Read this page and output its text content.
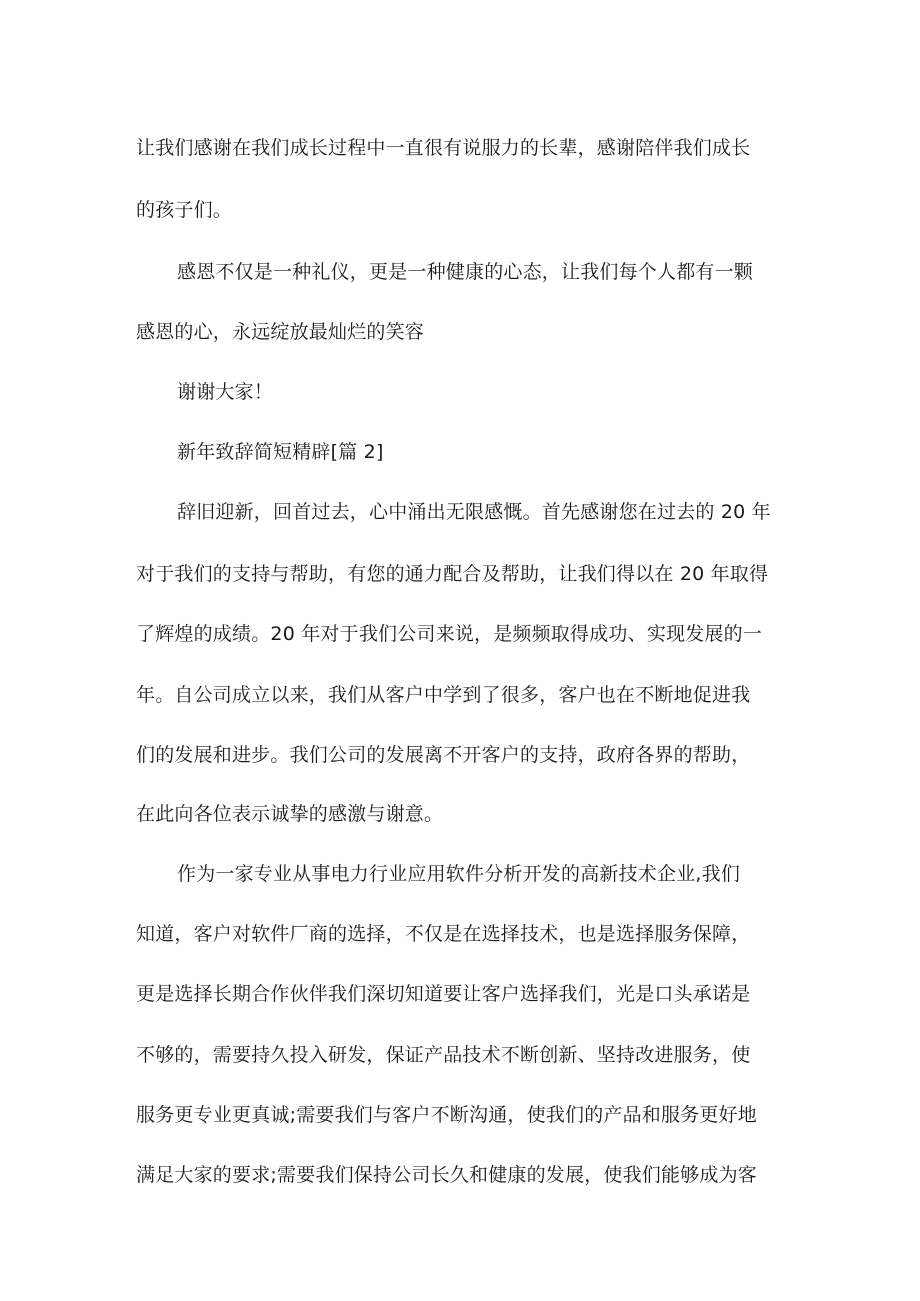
让我们感谢在我们成长过程中一直很有说服力的长辈，感谢陪伴我们成长
的孩子们。
感恩不仅是一种礼仪，更是一种健康的心态，让我们每个人都有一颗
感恩的心，永远绽放最灿烂的笑容
谢谢大家！
新年致辞简短精辟[篇 2]
辞旧迎新，回首过去，心中涌出无限感慨。首先感谢您在过去的 20 年
对于我们的支持与帮助，有您的通力配合及帮助，让我们得以在 20 年取得
了辉煌的成绩。20 年对于我们公司来说，是频频取得成功、实现发展的一
年。自公司成立以来，我们从客户中学到了很多，客户也在不断地促进我
们的发展和进步。我们公司的发展离不开客户的支持，政府各界的帮助，
在此向各位表示诚挚的感激与谢意。
作为一家专业从事电力行业应用软件分析开发的高新技术企业,我们
知道，客户对软件厂商的选择，不仅是在选择技术，也是选择服务保障，
更是选择长期合作伙伴我们深切知道要让客户选择我们，光是口头承诺是
不够的，需要持久投入研发，保证产品技术不断创新、坚持改进服务，使
服务更专业更真诚;需要我们与客户不断沟通，使我们的产品和服务更好地
满足大家的要求;需要我们保持公司长久和健康的发展，使我们能够成为客
